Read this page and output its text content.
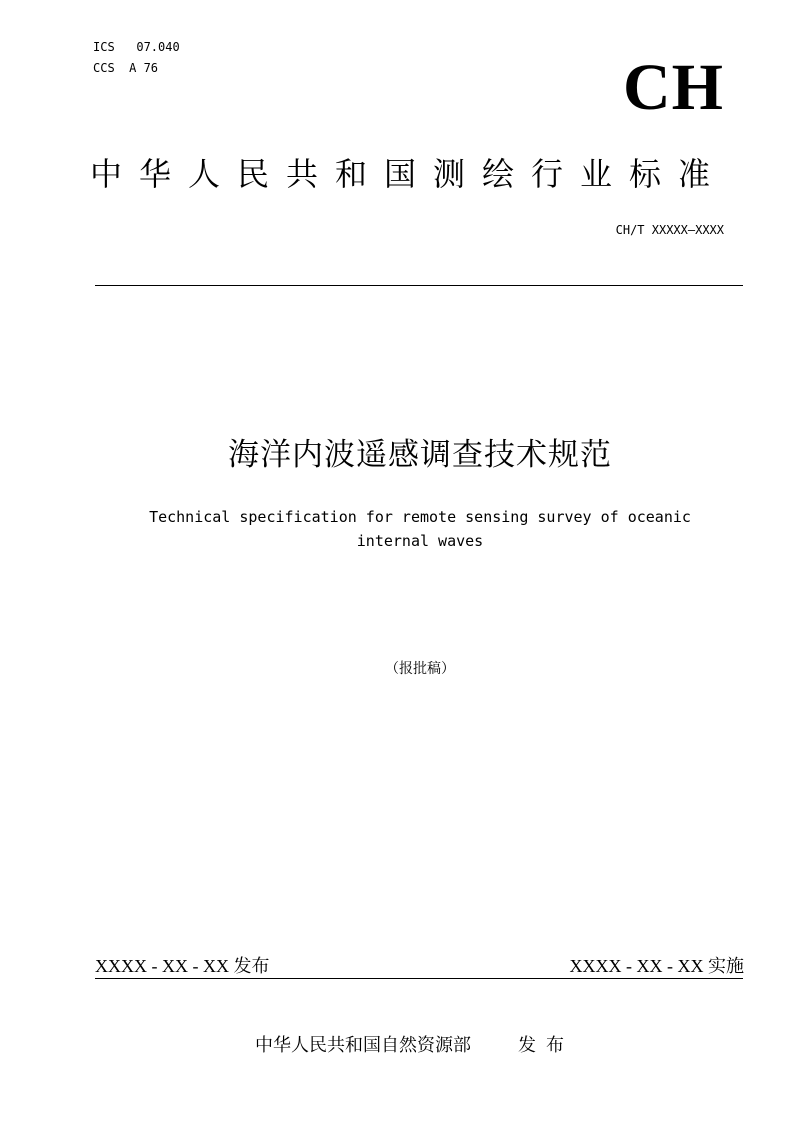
ICS   07.040
CCS  A 76	CH
中华人民共和国测绘行业标准
CH/T XXXXX—XXXX
海洋内波遥感调查技术规范
Technical specification for remote sensing survey of oceanic
internal waves
（报批稿）
XXXX - XX - XX 发布	XXXX - XX - XX 实施
中华人民共和国自然资源部	发布
